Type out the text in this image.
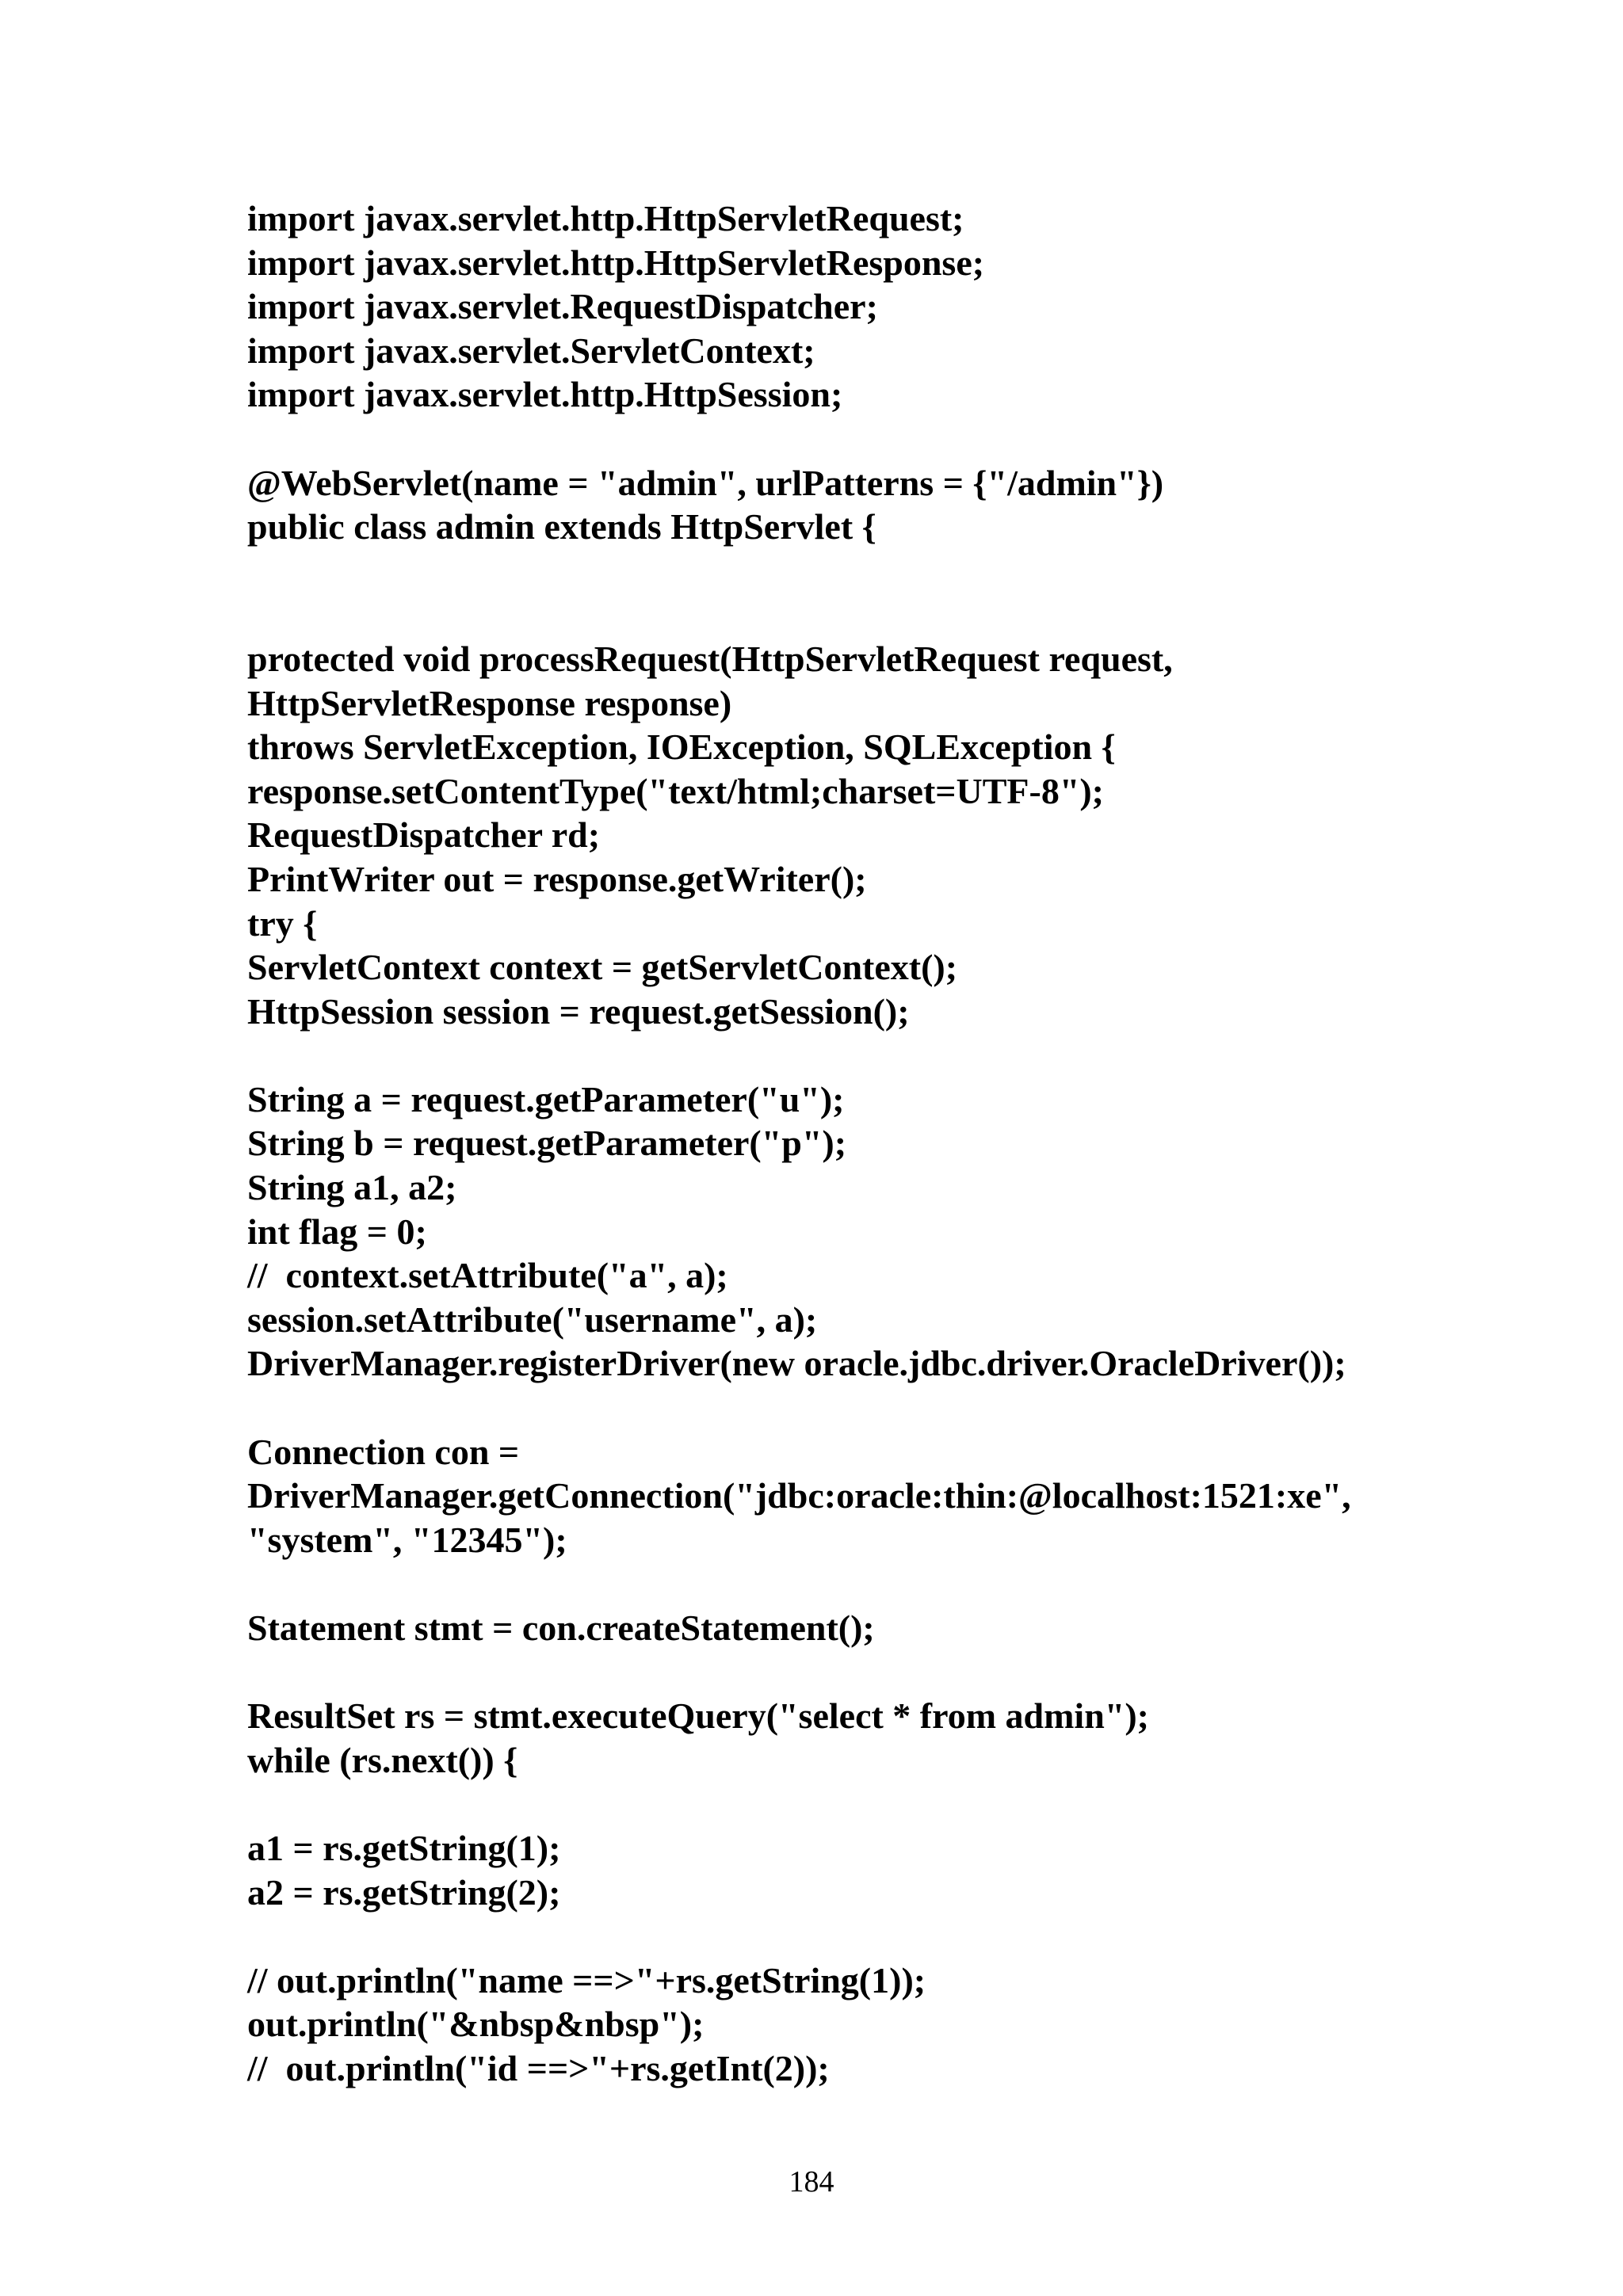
import javax.servlet.http.HttpServletRequest;
import javax.servlet.http.HttpServletResponse;
import javax.servlet.RequestDispatcher;
import javax.servlet.ServletContext;
import javax.servlet.http.HttpSession;
@WebServlet(name = "admin", urlPatterns = {"/admin"})
public class admin extends HttpServlet {
protected void processRequest(HttpServletRequest request,
HttpServletResponse response)
throws ServletException, IOException, SQLException {
response.setContentType("text/html;charset=UTF-8");
RequestDispatcher rd;
PrintWriter out = response.getWriter();
try {
ServletContext context = getServletContext();
HttpSession session = request.getSession();
String a = request.getParameter("u");
String b = request.getParameter("p");
String a1, a2;
int flag = 0;
//  context.setAttribute("a", a);
session.setAttribute("username", a);
DriverManager.registerDriver(new oracle.jdbc.driver.OracleDriver());
Connection con =
DriverManager.getConnection("jdbc:oracle:thin:@localhost:1521:xe",
"system", "12345");
Statement stmt = con.createStatement();
ResultSet rs = stmt.executeQuery("select * from admin");
while (rs.next()) {
a1 = rs.getString(1);
a2 = rs.getString(2);
// out.println("name ==>"+rs.getString(1));
out.println("&nbsp&nbsp");
//  out.println("id ==>"+rs.getInt(2));
184
